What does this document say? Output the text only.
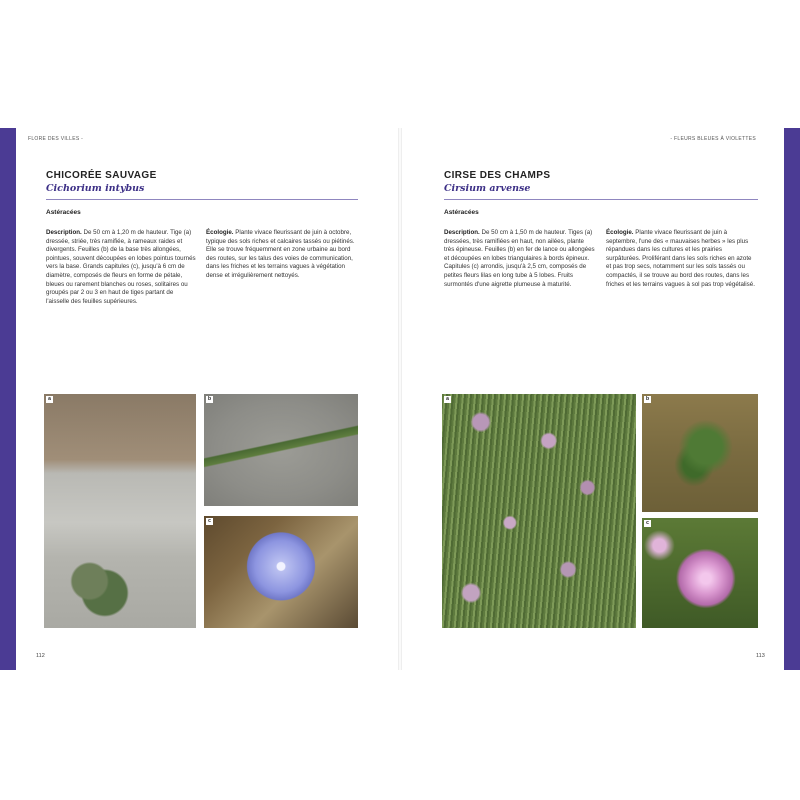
FLORE DES VILLES -
CHICORÉE SAUVAGE
Cichorium intybus
Astéracées
Description. De 50 cm à 1,20 m de hauteur. Tige (a) dressée, striée, très ramifiée, à rameaux raides et divergents. Feuilles (b) de la base très allongées, pointues, souvent découpées en lobes pointus tournés vers la base. Grands capitules (c), jusqu'à 6 cm de diamètre, composés de fleurs en forme de pétale, bleues ou rarement blanches ou roses, solitaires ou groupés par 2 ou 3 en haut de tiges partant de l'aisselle des feuilles supérieures.
Écologie. Plante vivace fleurissant de juin à octobre, typique des sols riches et calcaires tassés ou piétinés. Elle se trouve fréquemment en zone urbaine au bord des routes, sur les talus des voies de communication, dans les friches et les terrains vagues à végétation dense et irrégulièrement nettoyés.
a	b
c
112
- FLEURS BLEUES À VIOLETTES
CIRSE DES CHAMPS
Cirsium arvense
Astéracées
Description. De 50 cm à 1,50 m de hauteur. Tiges (a) dressées, très ramifiées en haut, non ailées, plante très épineuse. Feuilles (b) en fer de lance ou allongées et découpées en lobes triangulaires à bords épineux. Capitules (c) arrondis, jusqu'à 2,5 cm, composés de petites fleurs lilas en long tube à 5 lobes. Fruits surmontés d'une aigrette plumeuse à maturité.
Écologie. Plante vivace fleurissant de juin à septembre, l'une des « mauvaises herbes » les plus répandues dans les cultures et les prairies surpâturées. Proliférant dans les sols riches en azote et pas trop secs, notamment sur les sols tassés ou compactés, il se trouve au bord des routes, dans les friches et les terrains vagues à sol pas trop végétalisé.
a	b
c
113
